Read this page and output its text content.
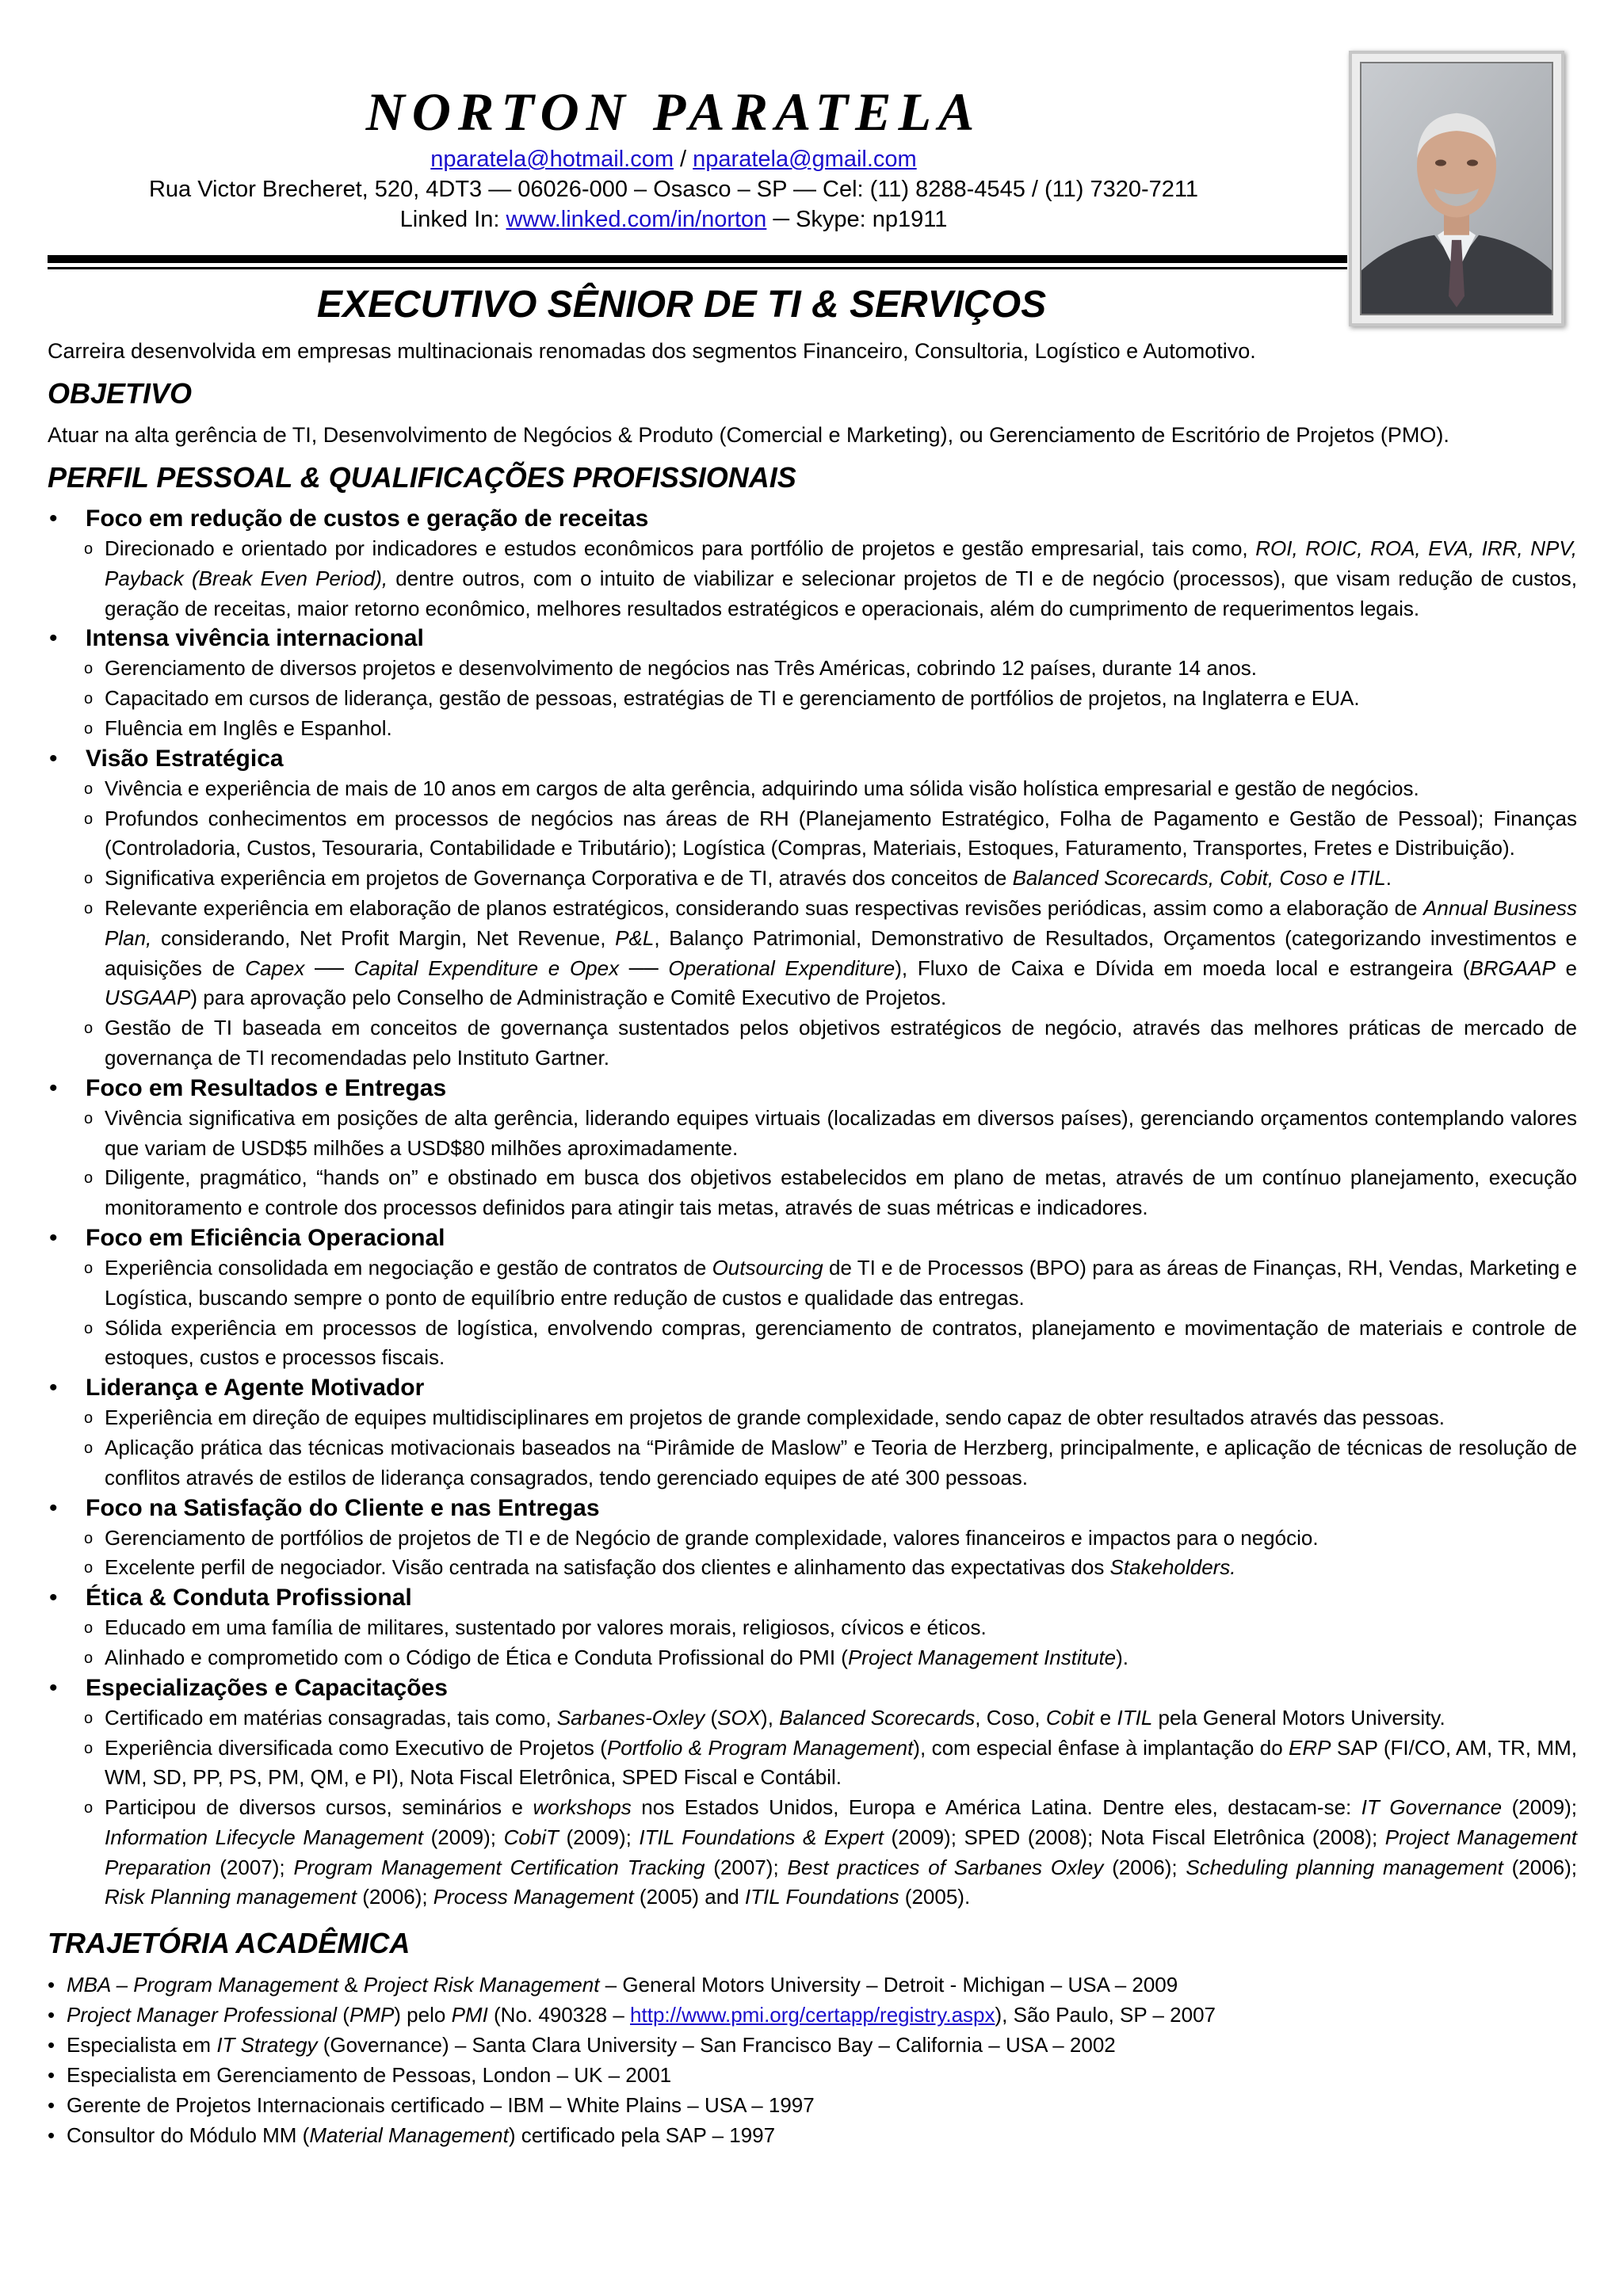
NORTON PARATELA

nparatela@hotmail.com / nparatela@gmail.com

Rua Victor Brecheret, 520, 4DT3 — 06026-000 – Osasco – SP — Cel: (11) 8288-4545 / (11) 7320-7211

Linked In: www.linked.com/in/norton ─ Skype: np1911

EXECUTIVO SÊNIOR DE TI & SERVIÇOS

Carreira desenvolvida em empresas multinacionais renomadas dos segmentos Financeiro, Consultoria, Logístico e Automotivo.

OBJETIVO

Atuar na alta gerência de TI, Desenvolvimento de Negócios & Produto (Comercial e Marketing), ou Gerenciamento de Escritório de Projetos (PMO).

PERFIL PESSOAL & QUALIFICAÇÕES PROFISSIONAIS

• Foco em redução de custos e geração de receitas

o Direcionado e orientado por indicadores e estudos econômicos para portfólio de projetos e gestão empresarial, tais como, ROI, ROIC, ROA, EVA, IRR, NPV, Payback (Break Even Period), dentre outros, com o intuito de viabilizar e selecionar projetos de TI e de negócio (processos), que visam redução de custos, geração de receitas, maior retorno econômico, melhores resultados estratégicos e operacionais, além do cumprimento de requerimentos legais.

• Intensa vivência internacional

o Gerenciamento de diversos projetos e desenvolvimento de negócios nas Três Américas, cobrindo 12 países, durante 14 anos.
o Capacitado em cursos de liderança, gestão de pessoas, estratégias de TI e gerenciamento de portfólios de projetos, na Inglaterra e EUA.
o Fluência em Inglês e Espanhol.

• Visão Estratégica

o Vivência e experiência de mais de 10 anos em cargos de alta gerência, adquirindo uma sólida visão holística empresarial e gestão de negócios.
o Profundos conhecimentos em processos de negócios nas áreas de RH (Planejamento Estratégico, Folha de Pagamento e Gestão de Pessoal); Finanças (Controladoria, Custos, Tesouraria, Contabilidade e Tributário); Logística (Compras, Materiais, Estoques, Faturamento, Transportes, Fretes e Distribuição).
o Significativa experiência em projetos de Governança Corporativa e de TI, através dos conceitos de Balanced Scorecards, Cobit, Coso e ITIL.
o Relevante experiência em elaboração de planos estratégicos, considerando suas respectivas revisões periódicas, assim como a elaboração de Annual Business Plan, considerando, Net Profit Margin, Net Revenue, P&L, Balanço Patrimonial, Demonstrativo de Resultados, Orçamentos (categorizando investimentos e aquisições de Capex ── Capital Expenditure e Opex ── Operational Expenditure), Fluxo de Caixa e Dívida em moeda local e estrangeira (BRGAAP e USGAAP) para aprovação pelo Conselho de Administração e Comitê Executivo de Projetos.
o Gestão de TI baseada em conceitos de governança sustentados pelos objetivos estratégicos de negócio, através das melhores práticas de mercado de governança de TI recomendadas pelo Instituto Gartner.

• Foco em Resultados e Entregas

o Vivência significativa em posições de alta gerência, liderando equipes virtuais (localizadas em diversos países), gerenciando orçamentos contemplando valores que variam de USD$5 milhões a USD$80 milhões aproximadamente.
o Diligente, pragmático, “hands on” e obstinado em busca dos objetivos estabelecidos em plano de metas, através de um contínuo planejamento, execução monitoramento e controle dos processos definidos para atingir tais metas, através de suas métricas e indicadores.

• Foco em Eficiência Operacional

o Experiência consolidada em negociação e gestão de contratos de Outsourcing de TI e de Processos (BPO) para as áreas de Finanças, RH, Vendas, Marketing e Logística, buscando sempre o ponto de equilíbrio entre redução de custos e qualidade das entregas.
o Sólida experiência em processos de logística, envolvendo compras, gerenciamento de contratos, planejamento e movimentação de materiais e controle de estoques, custos e processos fiscais.

• Liderança e Agente Motivador

o Experiência em direção de equipes multidisciplinares em projetos de grande complexidade, sendo capaz de obter resultados através das pessoas.
o Aplicação prática das técnicas motivacionais baseados na “Pirâmide de Maslow” e Teoria de Herzberg, principalmente, e aplicação de técnicas de resolução de conflitos através de estilos de liderança consagrados, tendo gerenciado equipes de até 300 pessoas.

• Foco na Satisfação do Cliente e nas Entregas

o Gerenciamento de portfólios de projetos de TI e de Negócio de grande complexidade, valores financeiros e impactos para o negócio.
o Excelente perfil de negociador. Visão centrada na satisfação dos clientes e alinhamento das expectativas dos Stakeholders.

• Ética & Conduta Profissional

o Educado em uma família de militares, sustentado por valores morais, religiosos, cívicos e éticos.
o Alinhado e comprometido com o Código de Ética e Conduta Profissional do PMI (Project Management Institute).

• Especializações e Capacitações

o Certificado em matérias consagradas, tais como, Sarbanes-Oxley (SOX), Balanced Scorecards, Coso, Cobit e ITIL pela General Motors University.
o Experiência diversificada como Executivo de Projetos (Portfolio & Program Management), com especial ênfase à implantação do ERP SAP (FI/CO, AM, TR, MM, WM, SD, PP, PS, PM, QM, e PI), Nota Fiscal Eletrônica, SPED Fiscal e Contábil.
o Participou de diversos cursos, seminários e workshops nos Estados Unidos, Europa e América Latina. Dentre eles, destacam-se: IT Governance (2009); Information Lifecycle Management (2009); CobiT (2009); ITIL Foundations & Expert (2009); SPED (2008); Nota Fiscal Eletrônica (2008); Project Management Preparation (2007); Program Management Certification Tracking (2007); Best practices of Sarbanes Oxley (2006); Scheduling planning management (2006); Risk Planning management (2006); Process Management (2005) and ITIL Foundations (2005).
TRAJETÓRIA ACADÊMICA
• MBA – Program Management & Project Risk Management – General Motors University – Detroit - Michigan – USA – 2009
• Project Manager Professional (PMP) pelo PMI (No. 490328 – http://www.pmi.org/certapp/registry.aspx), São Paulo, SP – 2007
• Especialista em IT Strategy (Governance) – Santa Clara University – San Francisco Bay – California – USA – 2002
• Especialista em Gerenciamento de Pessoas, London – UK – 2001
• Gerente de Projetos Internacionais certificado – IBM – White Plains – USA – 1997
• Consultor do Módulo MM (Material Management) certificado pela SAP – 1997
